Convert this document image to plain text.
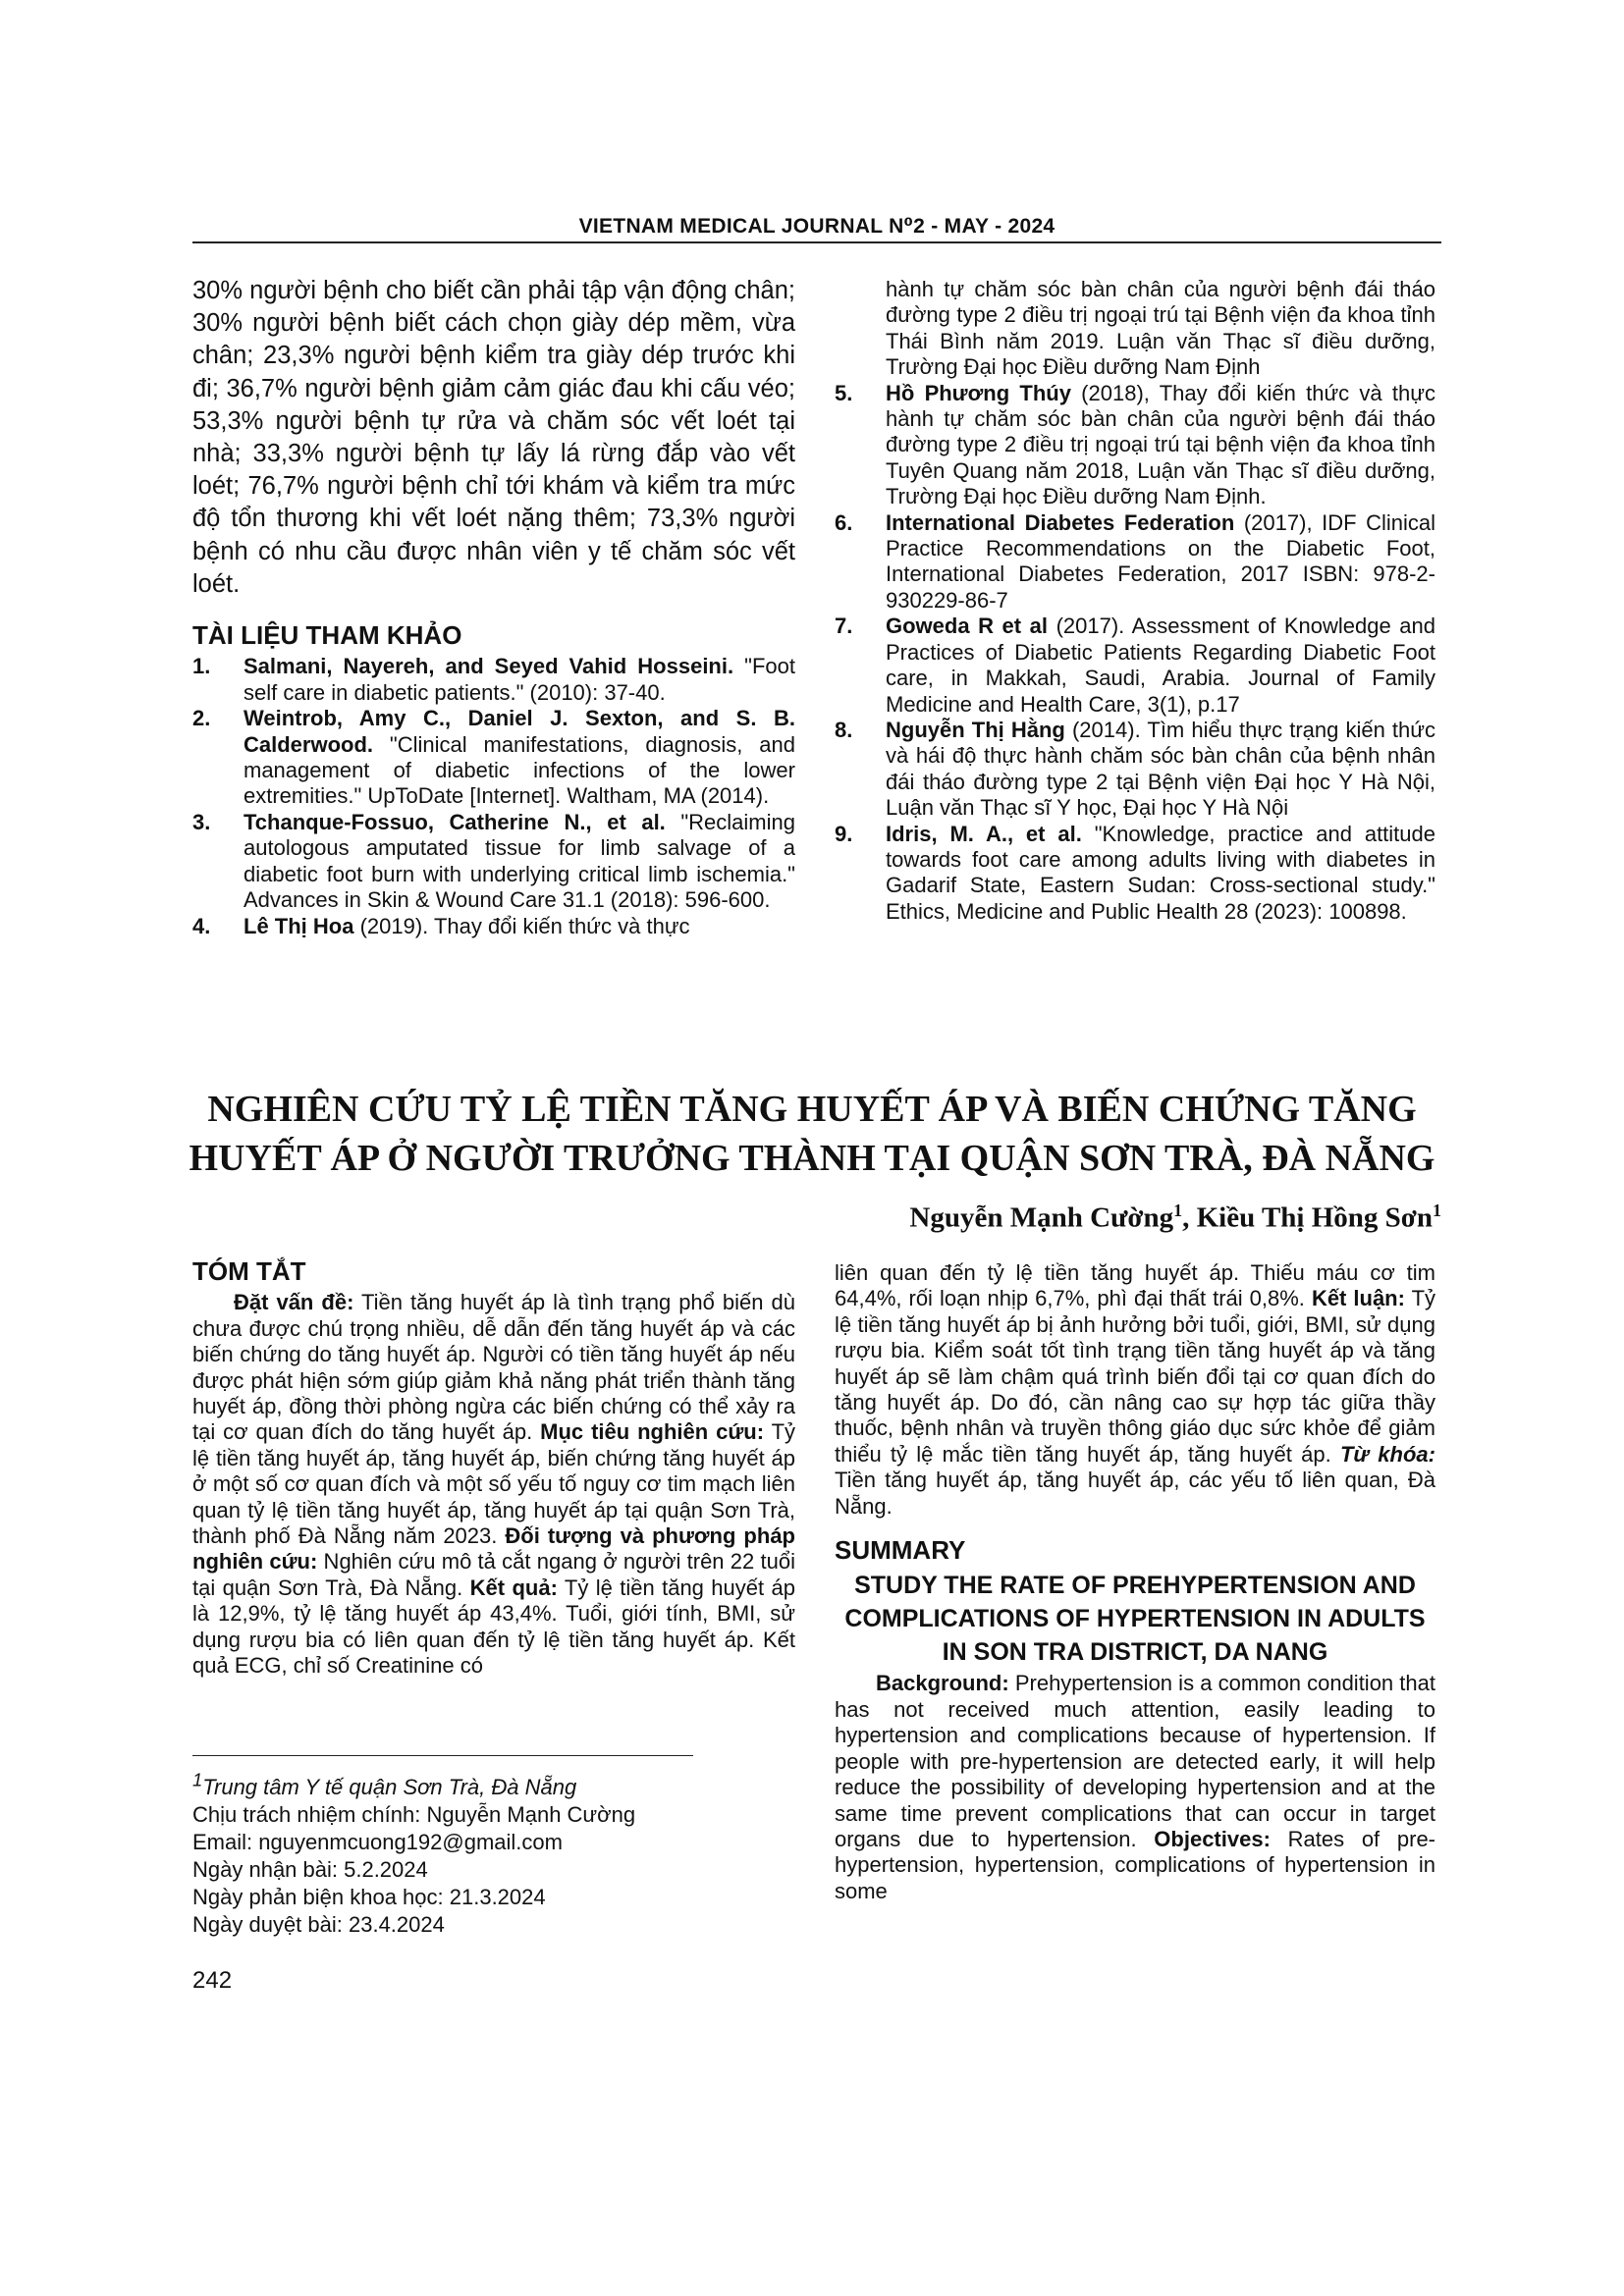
VIETNAM MEDICAL JOURNAL N⁰2 - MAY - 2024

30% người bệnh cho biết cần phải tập vận động chân; 30% người bệnh biết cách chọn giày dép mềm, vừa chân; 23,3% người bệnh kiểm tra giày dép trước khi đi; 36,7% người bệnh giảm cảm giác đau khi cấu véo; 53,3% người bệnh tự rửa và chăm sóc vết loét tại nhà; 33,3% người bệnh tự lấy lá rừng đắp vào vết loét; 76,7% người bệnh chỉ tới khám và kiểm tra mức độ tổn thương khi vết loét nặng thêm; 73,3% người bệnh có nhu cầu được nhân viên y tế chăm sóc vết loét.

TÀI LIỆU THAM KHẢO
1.	Salmani, Nayereh, and Seyed Vahid Hosseini. "Foot self care in diabetic patients." (2010): 37-40.
2.	Weintrob, Amy C., Daniel J. Sexton, and S. B. Calderwood. "Clinical manifestations, diagnosis, and management of diabetic infections of the lower extremities." UpToDate [Internet]. Waltham, MA (2014).
3.	Tchanque-Fossuo, Catherine N., et al. "Reclaiming autologous amputated tissue for limb salvage of a diabetic foot burn with underlying critical limb ischemia." Advances in Skin & Wound Care 31.1 (2018): 596-600.
4.	Lê Thị Hoa (2019). Thay đổi kiến thức và thực
hành tự chăm sóc bàn chân của người bệnh đái tháo đường type 2 điều trị ngoại trú tại Bệnh viện đa khoa tỉnh Thái Bình năm 2019. Luận văn Thạc sĩ điều dưỡng, Trường Đại học Điều dưỡng Nam Định
5.	Hồ Phương Thúy (2018), Thay đổi kiến thức và thực hành tự chăm sóc bàn chân của người bệnh đái tháo đường type 2 điều trị ngoại trú tại bệnh viện đa khoa tỉnh Tuyên Quang năm 2018, Luận văn Thạc sĩ điều dưỡng, Trường Đại học Điều dưỡng Nam Định.
6.	International Diabetes Federation (2017), IDF Clinical Practice Recommendations on the Diabetic Foot, International Diabetes Federation, 2017 ISBN: 978-2-930229-86-7
7.	Goweda R et al (2017). Assessment of Knowledge and Practices of Diabetic Patients Regarding Diabetic Foot care, in Makkah, Saudi, Arabia. Journal of Family Medicine and Health Care, 3(1), p.17
8.	Nguyễn Thị Hằng (2014). Tìm hiểu thực trạng kiến thức và hái độ thực hành chăm sóc bàn chân của bệnh nhân đái tháo đường type 2 tại Bệnh viện Đại học Y Hà Nội, Luận văn Thạc sĩ Y học, Đại học Y Hà Nội
9.	Idris, M. A., et al. "Knowledge, practice and attitude towards foot care among adults living with diabetes in Gadarif State, Eastern Sudan: Cross-sectional study." Ethics, Medicine and Public Health 28 (2023): 100898.
NGHIÊN CỨU TỶ LỆ TIỀN TĂNG HUYẾT ÁP VÀ BIẾN CHỨNG TĂNG
HUYẾT ÁP Ở NGƯỜI TRƯỞNG THÀNH TẠI QUẬN SƠN TRÀ, ĐÀ NẴNG
Nguyễn Mạnh Cường$^1$, Kiều Thị Hồng Sơn$^1$
TÓM TẮT

Đặt vấn đề: Tiền tăng huyết áp là tình trạng phổ biến dù chưa được chú trọng nhiều, dễ dẫn đến tăng huyết áp và các biến chứng do tăng huyết áp. Người có tiền tăng huyết áp nếu được phát hiện sớm giúp giảm khả năng phát triển thành tăng huyết áp, đồng thời phòng ngừa các biến chứng có thể xảy ra tại cơ quan đích do tăng huyết áp. Mục tiêu nghiên cứu: Tỷ lệ tiền tăng huyết áp, tăng huyết áp, biến chứng tăng huyết áp ở một số cơ quan đích và một số yếu tố nguy cơ tim mạch liên quan tỷ lệ tiền tăng huyết áp, tăng huyết áp tại quận Sơn Trà, thành phố Đà Nẵng năm 2023. Đối tượng và phương pháp nghiên cứu: Nghiên cứu mô tả cắt ngang ở người trên 22 tuổi tại quận Sơn Trà, Đà Nẵng. Kết quả: Tỷ lệ tiền tăng huyết áp là 12,9%, tỷ lệ tăng huyết áp 43,4%. Tuổi, giới tính, BMI, sử dụng rượu bia có liên quan đến tỷ lệ tiền tăng huyết áp. Kết quả ECG, chỉ số Creatinine có

liên quan đến tỷ lệ tiền tăng huyết áp. Thiếu máu cơ tim 64,4%, rối loạn nhịp 6,7%, phì đại thất trái 0,8%. Kết luận: Tỷ lệ tiền tăng huyết áp bị ảnh hưởng bởi tuổi, giới, BMI, sử dụng rượu bia. Kiểm soát tốt tình trạng tiền tăng huyết áp và tăng huyết áp sẽ làm chậm quá trình biến đổi tại cơ quan đích do tăng huyết áp. Do đó, cần nâng cao sự hợp tác giữa thầy thuốc, bệnh nhân và truyền thông giáo dục sức khỏe để giảm thiểu tỷ lệ mắc tiền tăng huyết áp, tăng huyết áp. Từ khóa: Tiền tăng huyết áp, tăng huyết áp, các yếu tố liên quan, Đà Nẵng.

SUMMARY
STUDY THE RATE OF PREHYPERTENSION AND COMPLICATIONS OF HYPERTENSION IN ADULTS IN SON TRA DISTRICT, DA NANG

Background: Prehypertension is a common condition that has not received much attention, easily leading to hypertension and complications because of hypertension. If people with pre-hypertension are detected early, it will help reduce the possibility of developing hypertension and at the same time prevent complications that can occur in target organs due to hypertension. Objectives: Rates of pre-hypertension, hypertension, complications of hypertension in some

$^1$Trung tâm Y tế quận Sơn Trà, Đà Nẵng

Chịu trách nhiệm chính: Nguyễn Mạnh Cường

Email: nguyenmcuong192@gmail.com

Ngày nhận bài: 5.2.2024

Ngày phản biện khoa học: 21.3.2024

Ngày duyệt bài: 23.4.2024

242
